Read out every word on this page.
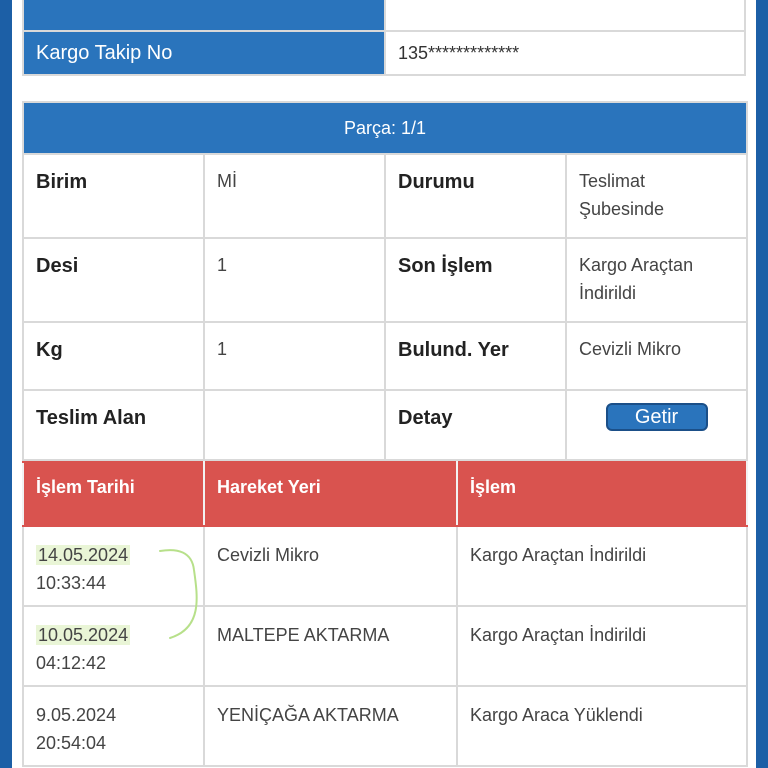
Kargo Takip No	135*************
Parça: 1/1			
Birim	Mİ	Durumu	Teslimat Şubesinde
Desi	1	Son İşlem	Kargo Araçtan İndirildi
Kg	1	Bulund. Yer	Cevizli Mikro
Teslim Alan		Detay	Getir
İşlem Tarihi	Hareket Yeri	İşlem
14.05.2024
10:33:44	Cevizli Mikro	Kargo Araçtan İndirildi
10.05.2024
04:12:42	MALTEPE AKTARMA	Kargo Araçtan İndirildi
9.05.2024
20:54:04	YENİÇAĞA AKTARMA	Kargo Araca Yüklendi
